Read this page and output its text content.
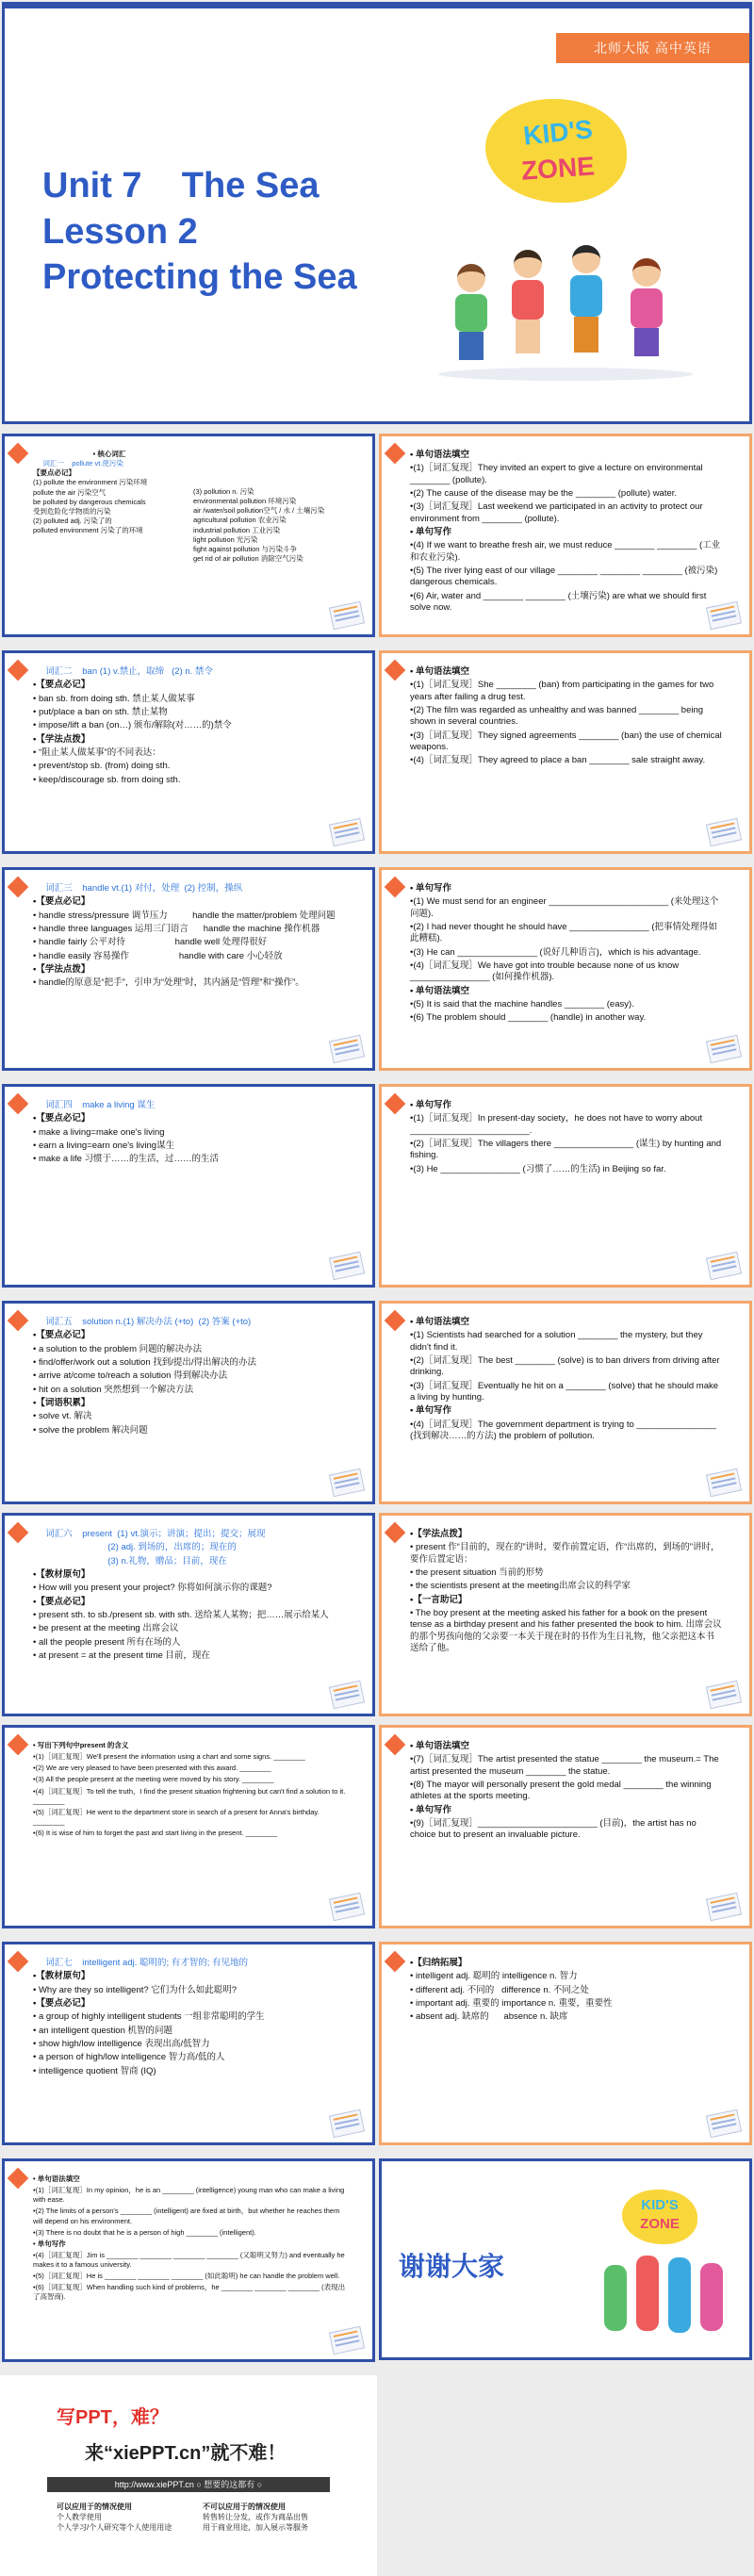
北师大版 高中英语
Unit 7    The Sea
Lesson 2
Protecting the Sea
KID'S
ZONE
• 核心词汇
词汇一    pollute vt.使污染
【要点必记】
(1) pollute the environment 污染环境
pollute the air 污染空气
be polluted by dangerous chemicals
受到危险化学物质的污染
(2) polluted adj. 污染了的
polluted environment 污染了的环境
(3) pollution n. 污染
environmental pollution 环境污染
air /water/soil pollution空气 / 水 / 土壤污染
agricultural pollution 农业污染
industrial pollution 工业污染
light pollution 光污染
fight against pollution 与污染斗争
get rid of air pollution 消除空气污染
• 单句语法填空
•(1)［词汇复现］They invited an expert to give a lecture on environmental ________ (pollute).
•(2) The cause of the disease may be the ________ (pollute) water.
•(3)［词汇复现］Last weekend we participated in an activity to protect our environment from ________ (pollute).
• 单句写作
•(4) If we want to breathe fresh air, we must reduce ________ ________ (工业和农业污染).
•(5) The river lying east of our village ________ ________ ________ (被污染) dangerous chemicals.
•(6) Air, water and ________ ________ (土壤污染) are what we should first solve now.
词汇二    ban (1) v.禁止，取缔   (2) n. 禁令
•【要点必记】
• ban sb. from doing sth. 禁止某人做某事
• put/place a ban on sth. 禁止某物
• impose/lift a ban (on…) 颁布/解除(对……的)禁令
•【学法点拨】
• “阻止某人做某事”的不同表达：
• prevent/stop sb. (from) doing sth.
• keep/discourage sb. from doing sth.
• 单句语法填空
•(1)［词汇复现］She ________ (ban) from participating in the games for two years after failing a drug test.
•(2) The film was regarded as unhealthy and was banned ________ being shown in several countries.
•(3)［词汇复现］They signed agreements ________ (ban) the use of chemical weapons.
•(4)［词汇复现］They agreed to place a ban ________ sale straight away.
词汇三    handle vt.(1) 对付，处理  (2) 控制，操纵
•【要点必记】
• handle stress/pressure 调节压力          handle the matter/problem 处理问题
• handle three languages 运用三门语言      handle the machine 操作机器
• handle fairly 公平对待                    handle well 处理得很好
• handle easily 容易操作                    handle with care 小心轻放
•【学法点拨】
• handle的原意是“把手”，引申为“处理”时，其内涵是“管理”和“操作”。
• 单句写作
•(1) We must send for an engineer ________________________ (来处理这个问题).
•(2) I had never thought he should have ________________ (把事情处理得如此糟糕).
•(3) He can ________________ (说好几种语言)，which is his advantage.
•(4)［词汇复现］We have got into trouble because none of us know ________________ (如何操作机器).
• 单句语法填空
•(5) It is said that the machine handles ________ (easy).
•(6) The problem should ________ (handle) in another way.
词汇四    make a living 谋生
•【要点必记】
• make a living=make one's living
• earn a living=earn one's living谋生
• make a life 习惯于……的生活，过……的生活
• 单句写作
•(1)［词汇复现］In present-day society，he does not have to worry about ________________________.
•(2)［词汇复现］The villagers there ________________ (谋生) by hunting and fishing.
•(3) He ________________ (习惯了……的生活) in Beijing so far.
词汇五    solution n.(1) 解决办法 (+to)  (2) 答案 (+to)
•【要点必记】
• a solution to the problem 问题的解决办法
• find/offer/work out a solution 找到/提出/得出解决的办法
• arrive at/come to/reach a solution 得到解决办法
• hit on a solution 突然想到一个解决方法
•【词语积累】
• solve vt. 解决
• solve the problem 解决问题
• 单句语法填空
•(1) Scientists had searched for a solution ________ the mystery, but they didn't find it.
•(2)［词汇复现］The best ________ (solve) is to ban drivers from driving after drinking.
•(3)［词汇复现］Eventually he hit on a ________ (solve) that he should make a living by hunting.
• 单句写作
•(4)［词汇复现］The government department is trying to ________________ (找到解决……的方法) the problem of pollution.
词汇六    present  (1) vt.演示；讲演；提出；提交；展现
(2) adj. 到场的，出席的；现在的
(3) n.礼物，赠品；目前，现在
•【教材原句】
• How will you present your project? 你将如何演示你的课题?
•【要点必记】
• present sth. to sb./present sb. with sth. 送给某人某物；把……展示给某人
• be present at the meeting 出席会议
• all the people present 所有在场的人
• at present = at the present time 目前，现在
•【学法点拨】
• present 作“目前的，现在的”讲时，要作前置定语，作“出席的，到场的”讲时，要作后置定语：
• the present situation 当前的形势
• the scientists present at the meeting出席会议的科学家
•【一言助记】
• The boy present at the meeting asked his father for a book on the present tense as a birthday present and his father presented the book to him. 出席会议的那个男孩向他的父亲要一本关于现在时的书作为生日礼物，他父亲把这本书送给了他。
• 写出下列句中present 的含义
•(1)［词汇复现］We'll present the information using a chart and some signs. ________
•(2) We are very pleased to have been presented with this award. ________
•(3) All the people present at the meeting were moved by his story. ________
•(4)［词汇复现］To tell the truth，I find the present situation frightening but can't find a solution to it. ________
•(5)［词汇复现］He went to the department store in search of a present for Anna's birthday. ________
•(6) It is wise of him to forget the past and start living in the present. ________
• 单句语法填空
•(7)［词汇复现］The artist presented the statue ________ the museum.= The artist presented the museum ________ the statue.
•(8) The mayor will personally present the gold medal ________ the winning athletes at the sports meeting.
• 单句写作
•(9)［词汇复现］________________________ (目前)，the artist has no choice but to present an invaluable picture.
词汇七    intelligent adj. 聪明的; 有才智的; 有见地的
•【教材原句】
• Why are they so intelligent? 它们为什么如此聪明?
•【要点必记】
• a group of highly intelligent students 一组非常聪明的学生
• an intelligent question 机智的问题
• show high/low intelligence 表现出高/低智力
• a person of high/low intelligence 智力高/低的人
• intelligence quotient 智商 (IQ)
•【归纳拓展】
• intelligent adj. 聪明的 intelligence n. 智力
• different adj. 不同的   difference n. 不同之处
• important adj. 重要的 importance n. 重要，重要性
• absent adj. 缺席的      absence n. 缺席
• 单句语法填空
•(1)［词汇复现］In my opinion，he is an ________ (intelligence) young man who can make a living with ease.
•(2) The limits of a person's ________ (intelligent) are fixed at birth，but whether he reaches them will depend on his environment.
•(3) There is no doubt that he is a person of high ________ (intelligent).
• 单句写作
•(4)［词汇复现］Jim is ________ ________ ________ ________ (又聪明又努力) and eventually he makes it to a famous university.
•(5)［词汇复现］He is ________ ________ ________ (如此聪明) he can handle the problem well.
•(6)［词汇复现］When handling such kind of problems，he ________ ________ ________ (表现出了高智商).
谢谢大家
KID'S
ZONE
写PPT，难？
来“xiePPT.cn”就不难！
http://www.xiePPT.cn ○ 想要的这都有 ○
可以应用于的情况使用
个人教学使用
个人学习/个人研究等个人使用用途
不可以应用于的情况使用
转售转让分发，或作为商品出售
用于商业用途，加入展示等服务
